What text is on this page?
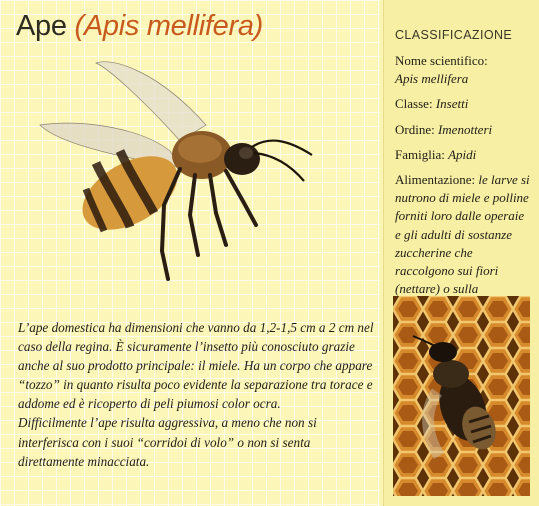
Ape (Apis mellifera)

L’ape domestica ha dimensioni che vanno da 1,2-1,5 cm a 2 cm nel caso della regina. È sicuramente l’insetto più conosciuto grazie anche al suo prodotto principale: il miele. Ha un corpo che appare “tozzo” in quanto risulta poco evidente la separazione tra torace e addome ed è ricoperto di peli piumosi color ocra.

Difficilmente l’ape risulta aggressiva, a meno che non si interferisca con i suoi “corridoi di volo” o non si senta direttamente minacciata.

CLASSIFICAZIONE
Nome scientifico:
Apis mellifera
Classe: Insetti
Ordine: Imenotteri
Famiglia: Apidi
Alimentazione: le larve si nutrono di miele e polline forniti loro dalle operaie e gli adulti di sostanze zuccherine che raccolgono sui fiori (nettare) o sulla
